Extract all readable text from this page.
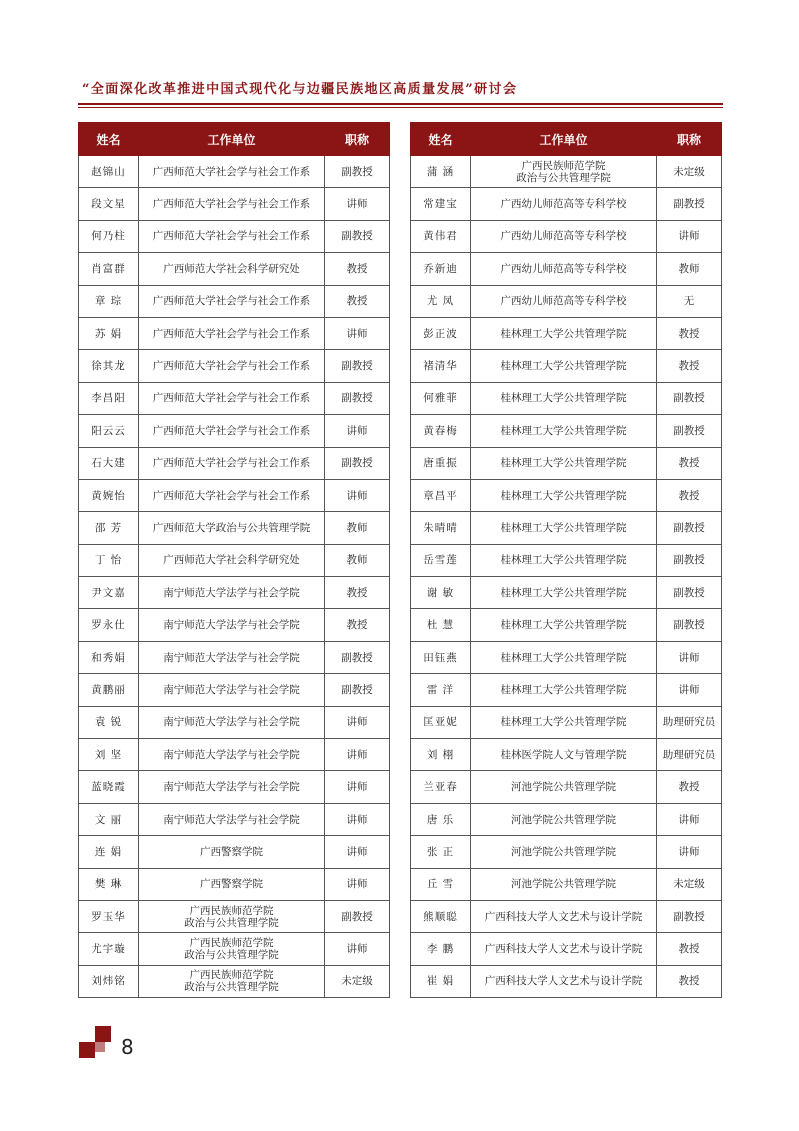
“全面深化改革推进中国式现代化与边疆民族地区高质量发展”研讨会
姓名	工作单位	职称
赵锦山	广西师范大学社会学与社会工作系	副教授
段文星	广西师范大学社会学与社会工作系	讲师
何乃柱	广西师范大学社会学与社会工作系	副教授
肖富群	广西师范大学社会科学研究处	教授
章 琮	广西师范大学社会学与社会工作系	教授
苏 娟	广西师范大学社会学与社会工作系	讲师
徐其龙	广西师范大学社会学与社会工作系	副教授
李昌阳	广西师范大学社会学与社会工作系	副教授
阳云云	广西师范大学社会学与社会工作系	讲师
石大建	广西师范大学社会学与社会工作系	副教授
黄婉怡	广西师范大学社会学与社会工作系	讲师
邵 芳	广西师范大学政治与公共管理学院	教师
丁 怡	广西师范大学社会科学研究处	教师
尹文嘉	南宁师范大学法学与社会学院	教授
罗永仕	南宁师范大学法学与社会学院	教授
和秀娟	南宁师范大学法学与社会学院	副教授
黄鹏丽	南宁师范大学法学与社会学院	副教授
袁 锐	南宁师范大学法学与社会学院	讲师
刘 坚	南宁师范大学法学与社会学院	讲师
蓝晓霞	南宁师范大学法学与社会学院	讲师
文 丽	南宁师范大学法学与社会学院	讲师
连 娟	广西警察学院	讲师
樊 琳	广西警察学院	讲师
罗玉华	广西民族师范学院
政治与公共管理学院	副教授
尤宇璇	广西民族师范学院
政治与公共管理学院	讲师
刘炜铭	广西民族师范学院
政治与公共管理学院	未定级
姓名	工作单位	职称
蒲 涵	广西民族师范学院
政治与公共管理学院	未定级
常建宝	广西幼儿师范高等专科学校	副教授
黄伟君	广西幼儿师范高等专科学校	讲师
乔新迪	广西幼儿师范高等专科学校	教师
尤 凤	广西幼儿师范高等专科学校	无
彭正波	桂林理工大学公共管理学院	教授
褚清华	桂林理工大学公共管理学院	教授
何雅菲	桂林理工大学公共管理学院	副教授
黄春梅	桂林理工大学公共管理学院	副教授
唐重振	桂林理工大学公共管理学院	教授
章昌平	桂林理工大学公共管理学院	教授
朱晴晴	桂林理工大学公共管理学院	副教授
岳雪莲	桂林理工大学公共管理学院	副教授
谢 敏	桂林理工大学公共管理学院	副教授
杜 慧	桂林理工大学公共管理学院	副教授
田钰燕	桂林理工大学公共管理学院	讲师
雷 洋	桂林理工大学公共管理学院	讲师
匡亚妮	桂林理工大学公共管理学院	助理研究员
刘 栩	桂林医学院人文与管理学院	助理研究员
兰亚春	河池学院公共管理学院	教授
唐 乐	河池学院公共管理学院	讲师
张 正	河池学院公共管理学院	讲师
丘 雪	河池学院公共管理学院	未定级
熊顺聪	广西科技大学人文艺术与设计学院	副教授
李 鹏	广西科技大学人文艺术与设计学院	教授
崔 娟	广西科技大学人文艺术与设计学院	教授
8
